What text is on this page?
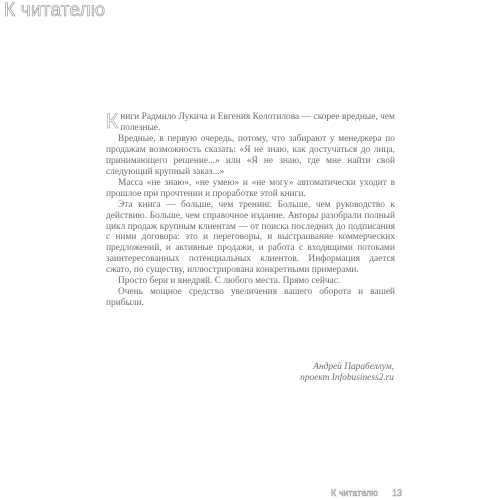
К читателю

Книги Радмило Лукича и Евгения Колотилова — скорее вредные, чем полезные.

Вредные, в первую очередь, потому, что забирают у менеджера по продажам возможность сказать: «Я не знаю, как достучаться до лица, принимающего решение...» или «Я не знаю, где мне найти свой следующий крупный заказ...»

Масса «не знаю», «не умею» и «не могу» автоматически уходит в прошлое при прочтении и проработке этой книги.

Эта книга — больше, чем тренинг. Больше, чем руководство к действию. Больше, чем справочное издание. Авторы разобрали полный цикл продаж крупным клиентам — от поиска последних до подписания с ними договора: это и переговоры, и выстраивание коммерческих предложений, и активные продажи, и работа с входящими потоками заинтересованных потенциальных клиентов. Информация дается сжато, по существу, иллюстрирована конкретными примерами.

Просто бери и внедряй. С любого места. Прямо сейчас.

Очень мощное средство увеличения вашего оборота и вашей прибыли.

Андрей Парабеллум,
проект Infobusiness2.ru
К читателю 13
